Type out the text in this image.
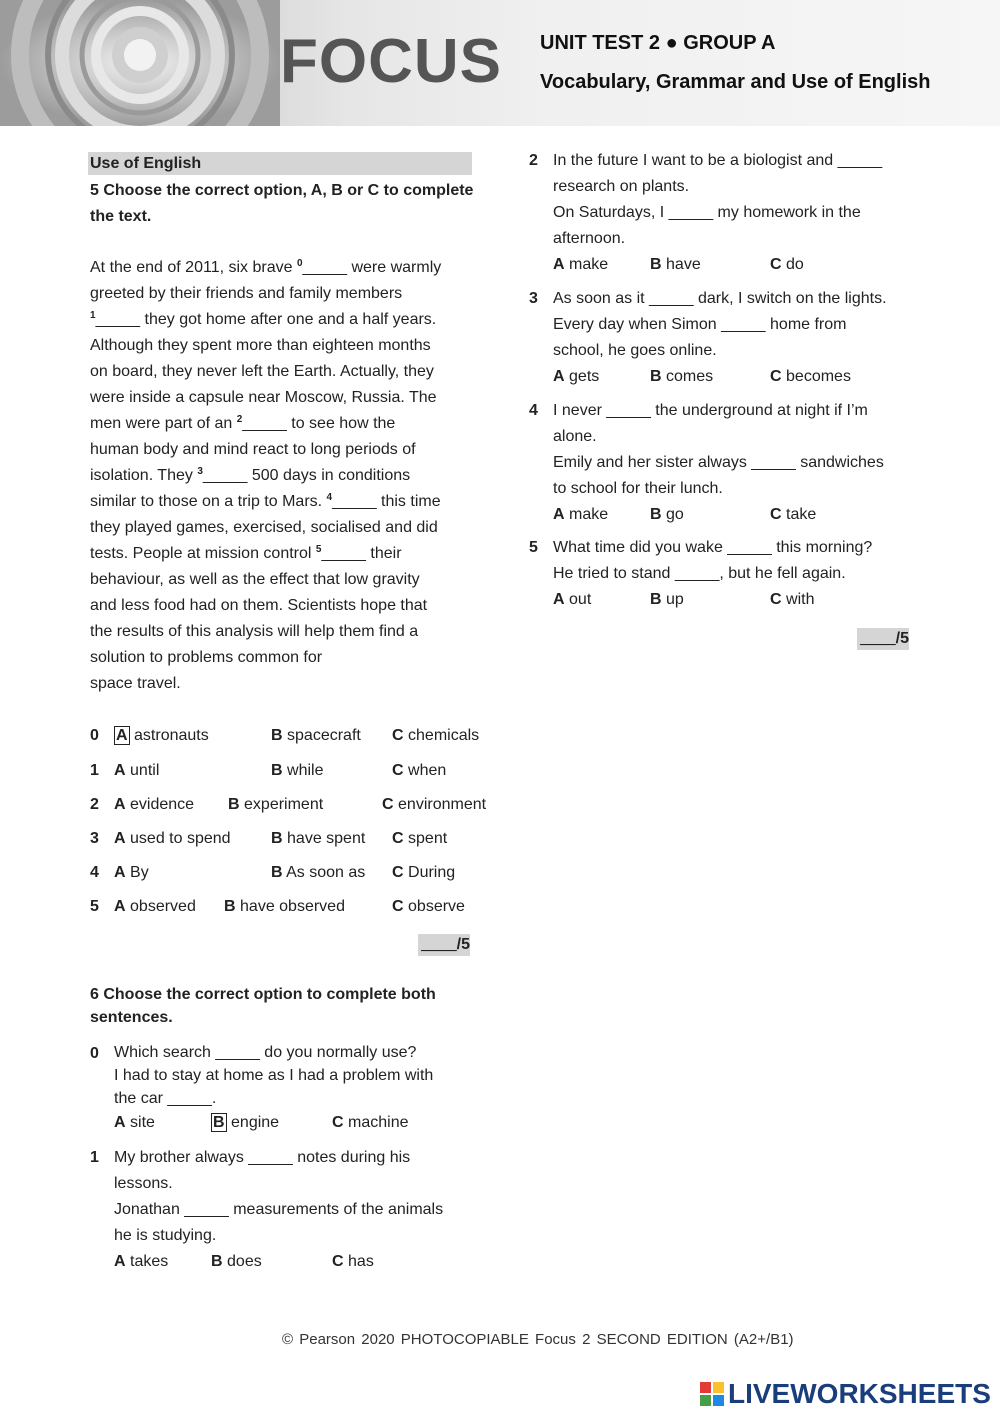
FOCUS UNIT TEST 2 ● GROUP A
Vocabulary, Grammar and Use of English
Use of English
5 Choose the correct option, A, B or C to complete
the text.
At the end of 2011, six brave $^0$_____ were warmly
greeted by their friends and family members
$^1$_____ they got home after one and a half years.
Although they spent more than eighteen months
on board, they never left the Earth. Actually, they
were inside a capsule near Moscow, Russia. The
men were part of an $^2$_____ to see how the
human body and mind react to long periods of
isolation. They $^3$_____ 500 days in conditions
similar to those on a trip to Mars. $^4$_____ this time
they played games, exercised, socialised and did
tests. People at mission control $^5$_____ their
behaviour, as well as the effect that low gravity
and less food had on them. Scientists hope that
the results of this analysis will help them find a
solution to problems common for
space travel.
0 A astronauts	B spacecraft C chemicals
1 A until	B while	C when
2 A evidence B experiment	C environment
3 A used to spend	B have spent C spent
4 A By	B As soon as C During
5 A observed B have observed	C observe
____/5
6 Choose the correct option to complete both
sentences.
0 Which search _____ do you normally use?
I had to stay at home as I had a problem with
the car _____.
A site	B engine	C machine
1 My brother always _____ notes during his
lessons.
Jonathan _____ measurements of the animals
he is studying.
A takes	B does	C has
2 In the future I want to be a biologist and _____
research on plants.
On Saturdays, I _____ my homework in the
afternoon.
A make	B have	C do
3 As soon as it _____ dark, I switch on the lights.
Every day when Simon _____ home from
school, he goes online.
A gets	B comes	C becomes
4 I never _____ the underground at night if I’m
alone.
Emily and her sister always _____ sandwiches
to school for their lunch.
A make	B go	C take
5 What time did you wake _____ this morning?
He tried to stand _____, but he fell again.
A out	B up	C with
____/5
© Pearson 2020 PHOTOCOPIABLE Focus 2 SECOND EDITION (A2+/B1)
LIVEWORKSHEETS
